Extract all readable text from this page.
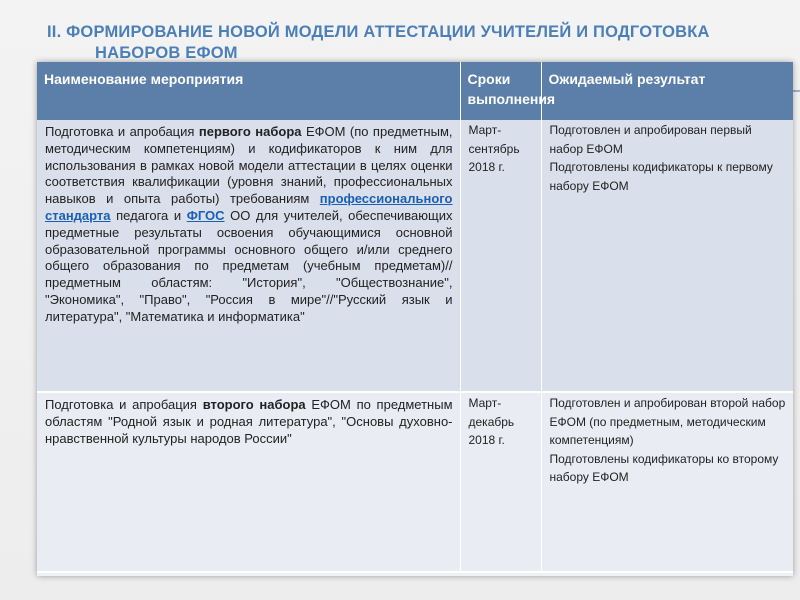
II. ФОРМИРОВАНИЕ НОВОЙ МОДЕЛИ АТТЕСТАЦИИ УЧИТЕЛЕЙ И ПОДГОТОВКА
НАБОРОВ ЕФОМ
Наименование мероприятия	Сроки выполнения	Ожидаемый результат
Подготовка и апробация первого набора ЕФОМ (по предметным, методическим компетенциям) и кодификаторов к ним для использования в рамках новой модели аттестации в целях оценки соответствия квалификации (уровня знаний, профессиональных навыков и опыта работы) требованиям профессионального стандарта педагога и ФГОС ОО для учителей, обеспечивающих предметные результаты освоения обучающимися основной образовательной программы основного общего и/или среднего общего образования по предметам (учебным предметам)//предметным областям: "История", "Обществознание", "Экономика", "Право", "Россия в мире"//"Русский язык и литература", "Математика и информатика"	Март-сентябрь 2018 г.	Подготовлен и апробирован первый набор ЕФОМ
Подготовлены кодификаторы к первому набору ЕФОМ

Подготовка и апробация второго набора ЕФОМ по предметным областям "Родной язык и родная литература", "Основы духовно-нравственной культуры народов России"	Март-декабрь 2018 г.	Подготовлен и апробирован второй набор ЕФОМ (по предметным, методическим компетенциям)
Подготовлены кодификаторы ко второму набору ЕФОМ
